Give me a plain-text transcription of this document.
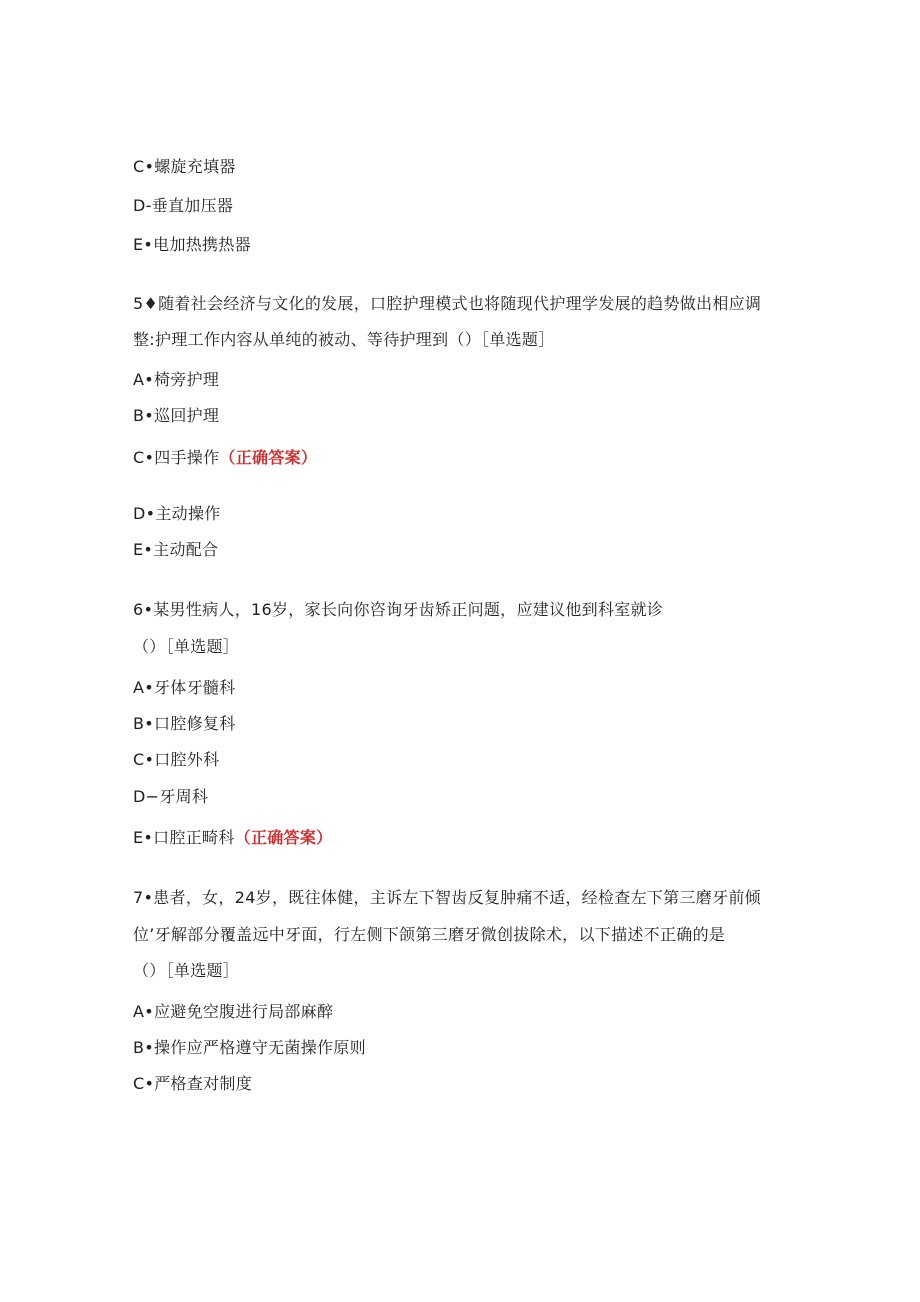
C•螺旋充填器
D-垂直加压器
E•电加热携热器
5♦随着社会经济与文化的发展，口腔护理模式也将随现代护理学发展的趋势做出相应调
整:护理工作内容从单纯的被动、等待护理到（）［单选题］
A•椅旁护理
B•巡回护理
C•四手操作（正确答案）
D•主动操作
E•主动配合
6•某男性病人，16岁，家长向你咨询牙齿矫正问题，应建议他到科室就诊
（）［单选题］
A•牙体牙髓科
B•口腔修复科
C•口腔外科
D−牙周科
E•口腔正畸科（正确答案）
7•患者，女，24岁，既往体健，主诉左下智齿反复肿痛不适，经检查左下第三磨牙前倾
位’牙解部分覆盖远中牙面，行左侧下颌第三磨牙微创拔除术，以下描述不正确的是
（）［单选题］
A•应避免空腹进行局部麻醉
B•操作应严格遵守无菌操作原则
C•严格查对制度
